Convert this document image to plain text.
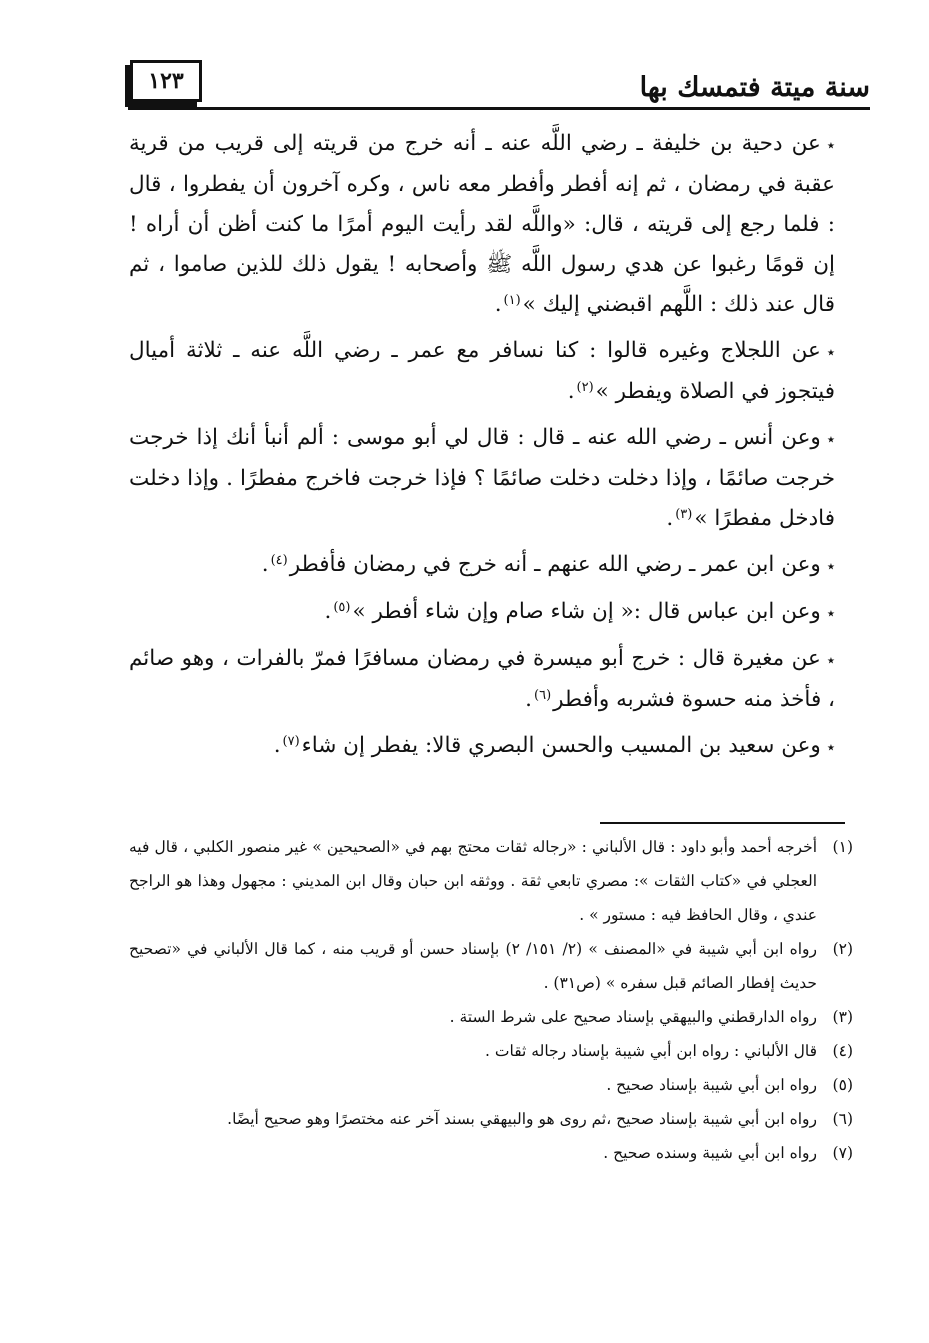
سنة ميتة فتمسك بها
١٢٣

٭عن دحية بن خليفة ـ رضي اللَّه عنه ـ أنه خرج من قريته إلى قريب من قرية عقبة في رمضان ، ثم إنه أفطر وأفطر معه ناس ، وكره آخرون أن يفطروا ، قال : فلما رجع إلى قريته ، قال: «واللَّه لقد رأيت اليوم أمرًا ما كنت أظن أن أراه ! إن قومًا رغبوا عن هدي رسول اللَّه ﷺ وأصحابه ! يقول ذلك للذين صاموا ، ثم قال عند ذلك : اللَّهم اقبضني إليك »$^{(١)}$.

٭عن اللجلاج وغيره قالوا : كنا نسافر مع عمر ـ رضي اللَّه عنه ـ ثلاثة أميال فيتجوز في الصلاة ويفطر »$^{(٢)}$.

٭وعن أنس ـ رضي الله عنه ـ قال : قال لي أبو موسى : ألم أنبأ أنك إذا خرجت خرجت صائمًا ، وإذا دخلت دخلت صائمًا ؟ فإذا خرجت فاخرج مفطرًا . وإذا دخلت فادخل مفطرًا »$^{(٣)}$.

٭وعن ابن عمر ـ رضي الله عنهم ـ أنه خرج في رمضان فأفطر$^{(٤)}$.

٭وعن ابن عباس قال :« إن شاء صام وإن شاء أفطر »$^{(٥)}$.

٭عن مغيرة قال : خرج أبو ميسرة في رمضان مسافرًا فمرّ بالفرات ، وهو صائم ، فأخذ منه حسوة فشربه وأفطر$^{(٦)}$.

٭وعن سعيد بن المسيب والحسن البصري قالا: يفطر إن شاء$^{(٧)}$.

(١)أخرجه أحمد وأبو داود : قال الألباني : «رجاله ثقات محتج بهم في «الصحيحين » غير منصور الكلبي ، قال فيه العجلي في «كتاب الثقات »: مصري تابعي ثقة . ووثقه ابن حبان وقال ابن المديني : مجهول وهذا هو الراجح عندي ، وقال الحافظ فيه : مستور » .

(٢)رواه ابن أبي شيبة في «المصنف » (٢/ ١٥١/ ٢) بإسناد حسن أو قريب منه ، كما قال الألباني في «تصحيح حديث إفطار الصائم قبل سفره » (ص٣١) .

(٣)رواه الدارقطني والبيهقي بإسناد صحيح على شرط الستة .

(٤)قال الألباني : رواه ابن أبي شيبة بإسناد رجاله ثقات .

(٥)رواه ابن أبي شيبة بإسناد صحيح .

(٦)رواه ابن أبي شيبة بإسناد صحيح ،ثم روى هو والبيهقي بسند آخر عنه مختصرًا وهو صحيح أيضًا.

(٧)رواه ابن أبي شيبة وسنده صحيح .
